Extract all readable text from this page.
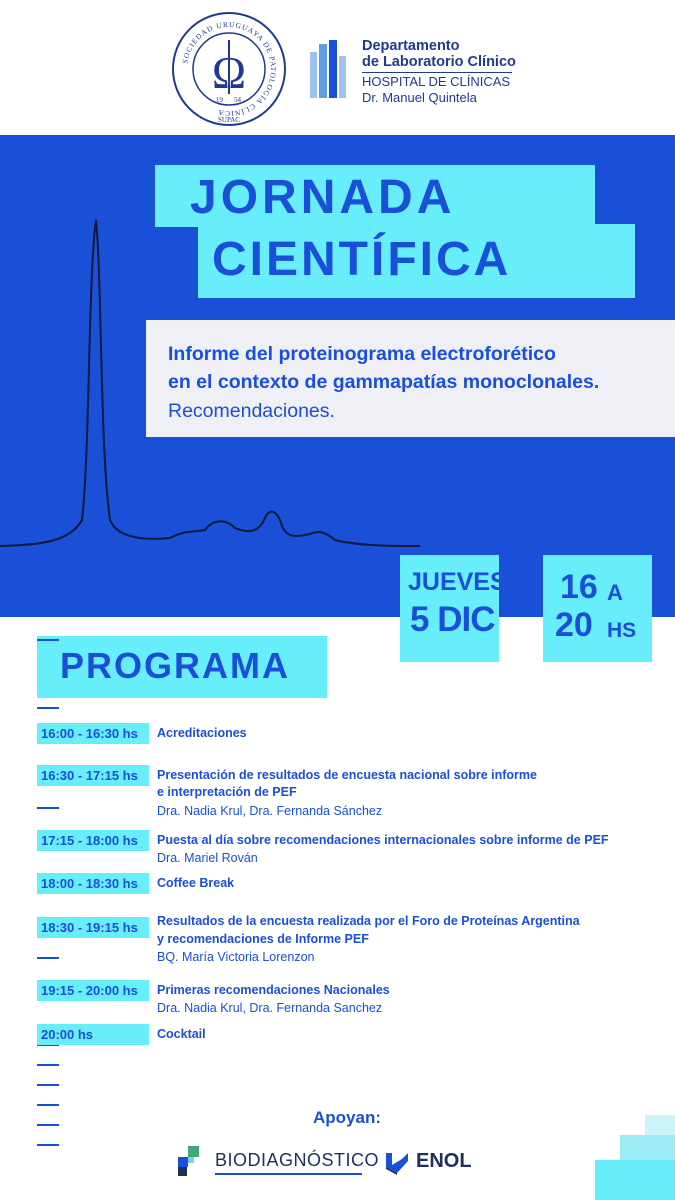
SOCIEDAD URUGUAYA DE PATOLOGÍA CLÍNICA
Ω
19 54
SUPAC
Departamento
de Laboratorio Clínico
HOSPITAL DE CLÍNICAS
Dr. Manuel Quintela
JORNADA
CIENTÍFICA
Informe del proteinograma electroforético
en el contexto de gammapatías monoclonales.
Recomendaciones.
JUEVES
5 DIC
16 A
20 HS
PROGRAMA
16:00 - 16:30 hs Acreditaciones
16:30 - 17:15 hs Presentación de resultados de encuesta nacional sobre informe
e interpretación de PEF
Dra. Nadia Krul, Dra. Fernanda Sánchez
17:15 - 18:00 hs Puesta al día sobre recomendaciones internacionales sobre informe de PEF
Dra. Mariel Rován
18:00 - 18:30 hs Coffee Break
18:30 - 19:15 hs Resultados de la encuesta realizada por el Foro de Proteínas Argentina
y recomendaciones de Informe PEF
BQ. María Victoria Lorenzon
19:15 - 20:00 hs Primeras recomendaciones Nacionales
Dra. Nadia Krul, Dra. Fernanda Sanchez
20:00 hs	Cocktail
Apoyan:
BIODIAGNÓSTICO ENOL
